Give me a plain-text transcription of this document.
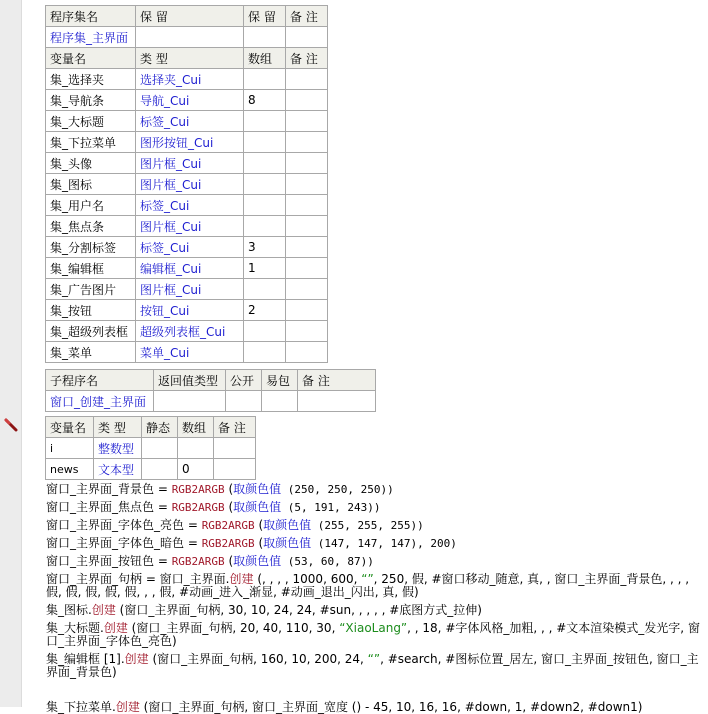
程序集名	保 留	保 留	备 注
程序集_主界面			
变量名	类 型	数组	备 注
集_选择夹	选择夹_Cui		
集_导航条	导航_Cui	8	
集_大标题	标签_Cui		
集_下拉菜单	图形按钮_Cui		
集_头像	图片框_Cui		
集_图标	图片框_Cui		
集_用户名	标签_Cui		
集_焦点条	图片框_Cui		
集_分割标签	标签_Cui	3	
集_编辑框	编辑框_Cui	1	
集_广告图片	图片框_Cui		
集_按钮	按钮_Cui	2	
集_超级列表框	超级列表框_Cui		
集_菜单	菜单_Cui		
子程序名	返回值类型	公开	易包	备 注
窗口_创建_主界面				
变量名	类 型	静态	数组	备 注
i	整数型			
news	文本型		0	
窗口_主界面_背景色 = RGB2ARGB (取颜色值 (250, 250, 250))
窗口_主界面_焦点色 = RGB2ARGB (取颜色值 (5, 191, 243))
窗口_主界面_字体色_亮色 = RGB2ARGB (取颜色值 (255, 255, 255))
窗口_主界面_字体色_暗色 = RGB2ARGB (取颜色值 (147, 147, 147), 200)
窗口_主界面_按钮色 = RGB2ARGB (取颜色值 (53, 60, 87))
窗口_主界面_句柄 = 窗口_主界面.创建 (, , , , 1000, 600, “”, 250, 假, #窗口移动_随意, 真, , 窗口_主界面_背景色, , , , 假, 假, 假, 假, 假, , , 假, #动画_进入_渐显, #动画_退出_闪出, 真, 假)
集_图标.创建 (窗口_主界面_句柄, 30, 10, 24, 24, #sun, , , , , #底图方式_拉伸)
集_大标题.创建 (窗口_主界面_句柄, 20, 40, 110, 30, “XiaoLang”, , 18, #字体风格_加粗, , , #文本渲染模式_发光字, 窗口_主界面_字体色_亮色)
集_编辑框 [1].创建 (窗口_主界面_句柄, 160, 10, 200, 24, “”, #search, #图标位置_居左, 窗口_主界面_按钮色, 窗口_主界面_背景色)
集_下拉菜单.创建 (窗口_主界面_句柄, 窗口_主界面_宽度 () - 45, 10, 16, 16, #down, 1, #down2, #down1)
